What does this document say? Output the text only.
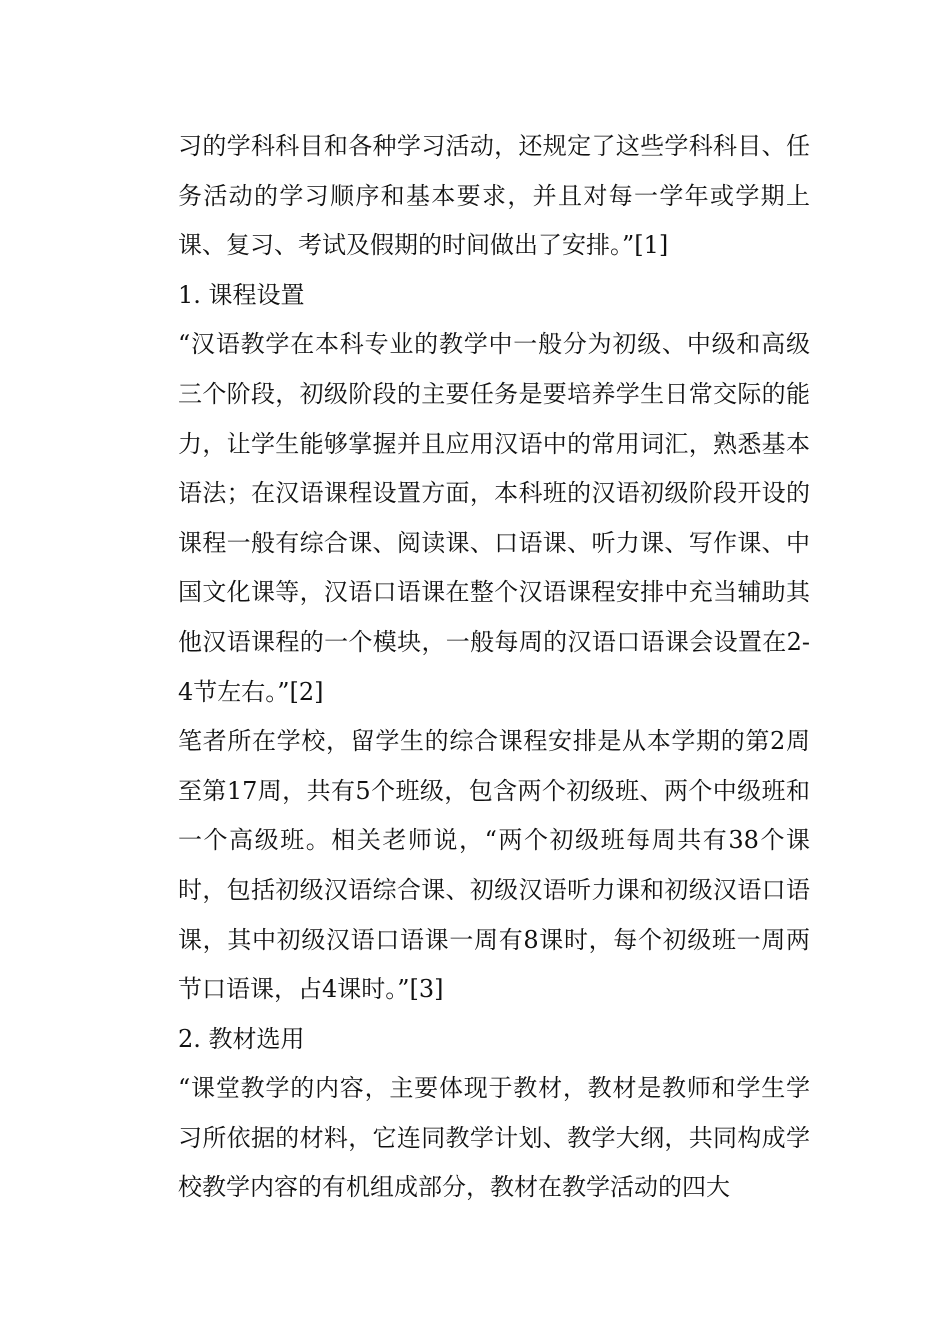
习的学科科目和各种学习活动，还规定了这些学科科目、任务活动的学习顺序和基本要求，并且对每一学年或学期上课、复习、考试及假期的时间做出了安排。”[1]

1. 课程设置

“汉语教学在本科专业的教学中一般分为初级、中级和高级三个阶段，初级阶段的主要任务是要培养学生日常交际的能力，让学生能够掌握并且应用汉语中的常用词汇，熟悉基本语法；在汉语课程设置方面，本科班的汉语初级阶段开设的课程一般有综合课、阅读课、口语课、听力课、写作课、中国文化课等，汉语口语课在整个汉语课程安排中充当辅助其他汉语课程的一个模块，一般每周的汉语口语课会设置在2-4节左右。”[2]

笔者所在学校，留学生的综合课程安排是从本学期的第2周至第17周，共有5个班级，包含两个初级班、两个中级班和一个高级班。相关老师说，“两个初级班每周共有38个课时，包括初级汉语综合课、初级汉语听力课和初级汉语口语课，其中初级汉语口语课一周有8课时，每个初级班一周两节口语课，占4课时。”[3]

2. 教材选用

“课堂教学的内容，主要体现于教材，教材是教师和学生学习所依据的材料，它连同教学计划、教学大纲，共同构成学校教学内容的有机组成部分，教材在教学活动的四大
